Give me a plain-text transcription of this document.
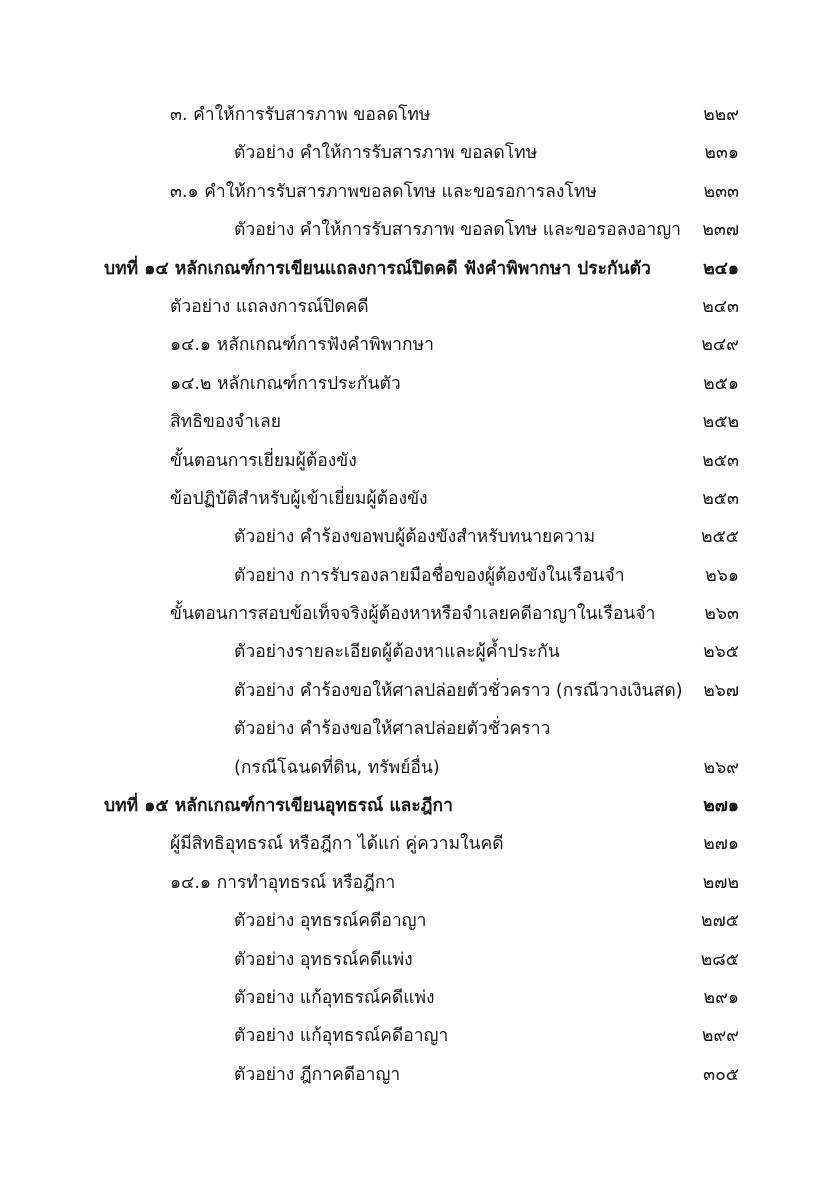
๓. คำให้การรับสารภาพ ขอลดโทษ	๒๒๙
ตัวอย่าง คำให้การรับสารภาพ ขอลดโทษ	๒๓๑
๓.๑ คำให้การรับสารภาพขอลดโทษ และขอรอการลงโทษ	๒๓๓
ตัวอย่าง คำให้การรับสารภาพ ขอลดโทษ และขอรอลงอาญา ๒๓๗
บทที่ ๑๔ หลักเกณฑ์การเขียนแถลงการณ์ปิดคดี ฟังคำพิพากษา ประกันตัว	๒๔๑
ตัวอย่าง แถลงการณ์ปิดคดี	๒๔๓
๑๔.๑ หลักเกณฑ์การฟังคำพิพากษา	๒๔๙
๑๔.๒ หลักเกณฑ์การประกันตัว	๒๕๑
สิทธิของจำเลย	๒๕๒
ขั้นตอนการเยี่ยมผู้ต้องขัง	๒๕๓
ข้อปฏิบัติสำหรับผู้เข้าเยี่ยมผู้ต้องขัง	๒๕๓
ตัวอย่าง คำร้องขอพบผู้ต้องขังสำหรับทนายความ	๒๕๕
ตัวอย่าง การรับรองลายมือชื่อของผู้ต้องขังในเรือนจำ	๒๖๑
ขั้นตอนการสอบข้อเท็จจริงผู้ต้องหาหรือจำเลยคดีอาญาในเรือนจำ	๒๖๓
ตัวอย่างรายละเอียดผู้ต้องหาและผู้ค้ำประกัน	๒๖๕
ตัวอย่าง คำร้องขอให้ศาลปล่อยตัวชั่วคราว (กรณีวางเงินสด) ๒๖๗
ตัวอย่าง คำร้องขอให้ศาลปล่อยตัวชั่วคราว
(กรณีโฉนดที่ดิน, ทรัพย์อื่น)	๒๖๙
บทที่ ๑๕ หลักเกณฑ์การเขียนอุทธรณ์ และฎีกา	๒๗๑
ผู้มีสิทธิอุทธรณ์ หรือฎีกา ได้แก่ คู่ความในคดี	๒๗๑
๑๔.๑ การทำอุทธรณ์ หรือฎีกา	๒๗๒
ตัวอย่าง อุทธรณ์คดีอาญา	๒๗๕
ตัวอย่าง อุทธรณ์คดีแพ่ง	๒๘๕
ตัวอย่าง แก้อุทธรณ์คดีแพ่ง	๒๙๑
ตัวอย่าง แก้อุทธรณ์คดีอาญา	๒๙๙
ตัวอย่าง ฎีกาคดีอาญา	๓๐๕
